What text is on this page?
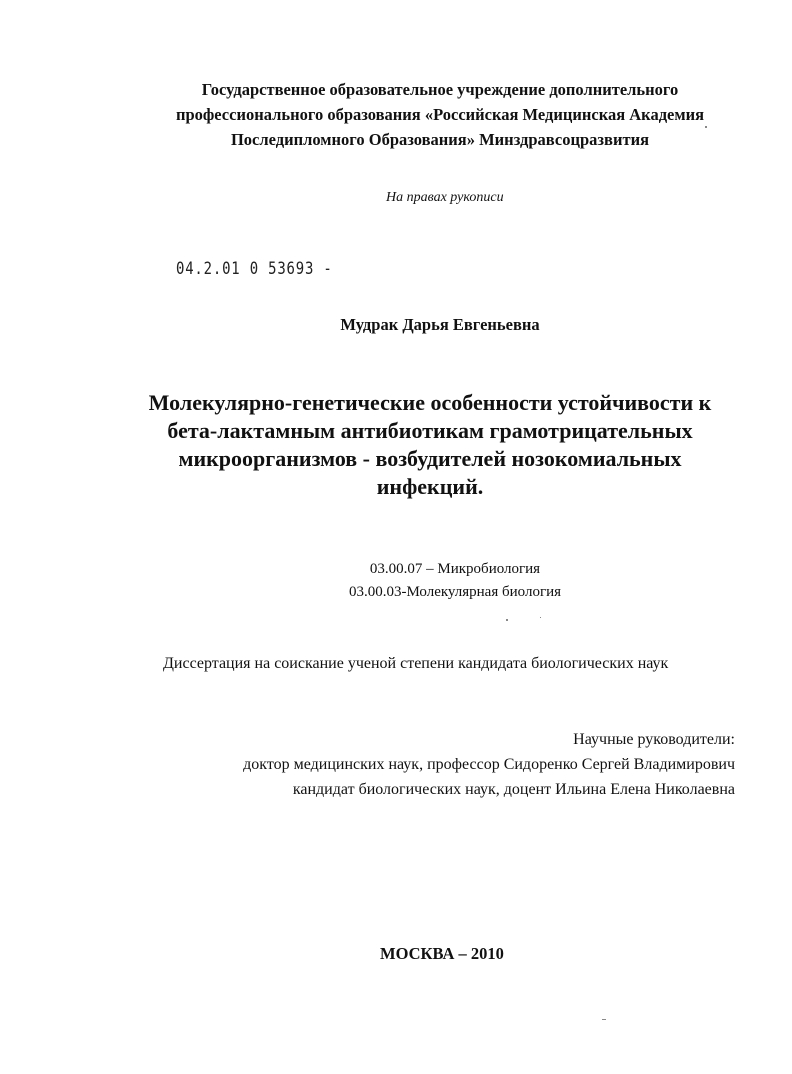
Государственное образовательное учреждение дополнительного
профессионального образования «Российская Медицинская Академия
Последипломного Образования» Минздравсоцразвития
На правах рукописи
04.2.01 0 53693 -
Мудрак Дарья Евгеньевна
Молекулярно-генетические особенности устойчивости к
бета-лактамным антибиотикам грамотрицательных
микроорганизмов - возбудителей нозокомиальных
инфекций.
03.00.07 – Микробиология
03.00.03-Молекулярная биология
Диссертация на соискание ученой степени кандидата биологических наук
Научные руководители:
доктор медицинских наук, профессор Сидоренко Сергей Владимирович
кандидат биологических наук, доцент Ильина Елена Николаевна
МОСКВА – 2010
